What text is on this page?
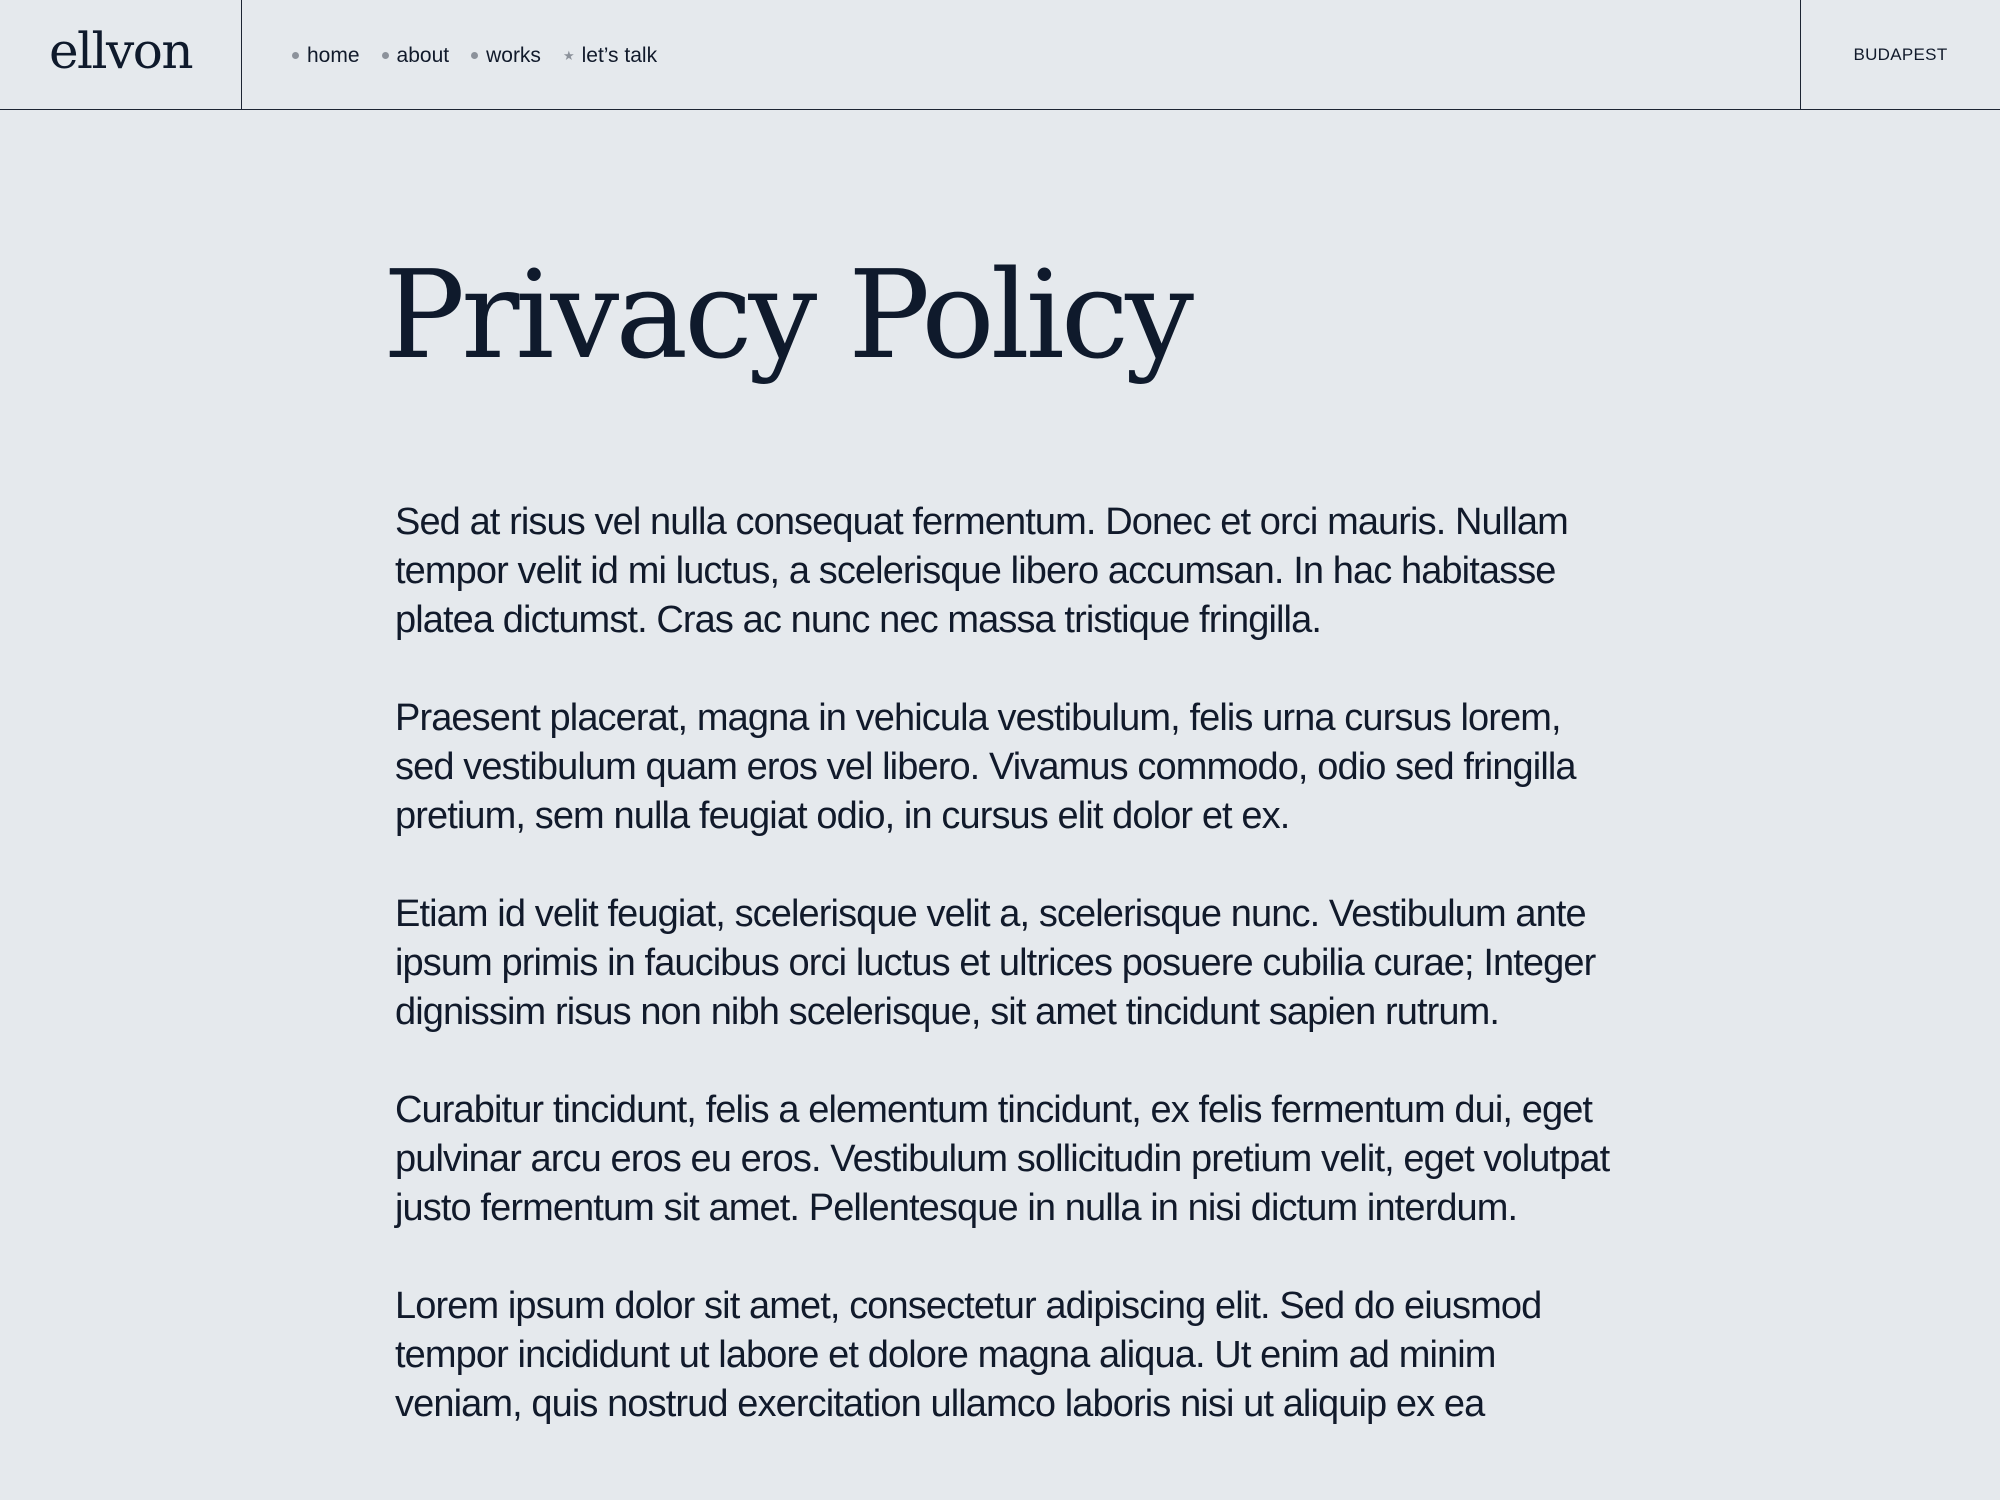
ellvon	home about works ★ let’s talk	BUDAPEST
Privacy Policy

Sed at risus vel nulla consequat fermentum. Donec et orci mauris. Nullam tempor velit id mi luctus, a scelerisque libero accumsan. In hac habitasse platea dictumst. Cras ac nunc nec massa tristique fringilla.

Praesent placerat, magna in vehicula vestibulum, felis urna cursus lorem, sed vestibulum quam eros vel libero. Vivamus commodo, odio sed fringilla pretium, sem nulla feugiat odio, in cursus elit dolor et ex.

Etiam id velit feugiat, scelerisque velit a, scelerisque nunc. Vestibulum ante ipsum primis in faucibus orci luctus et ultrices posuere cubilia curae; Integer dignissim risus non nibh scelerisque, sit amet tincidunt sapien rutrum.

Curabitur tincidunt, felis a elementum tincidunt, ex felis fermentum dui, eget pulvinar arcu eros eu eros. Vestibulum sollicitudin pretium velit, eget volutpat justo fermentum sit amet. Pellentesque in nulla in nisi dictum interdum.

Lorem ipsum dolor sit amet, consectetur adipiscing elit. Sed do eiusmod tempor incididunt ut labore et dolore magna aliqua. Ut enim ad minim veniam, quis nostrud exercitation ullamco laboris nisi ut aliquip ex ea
